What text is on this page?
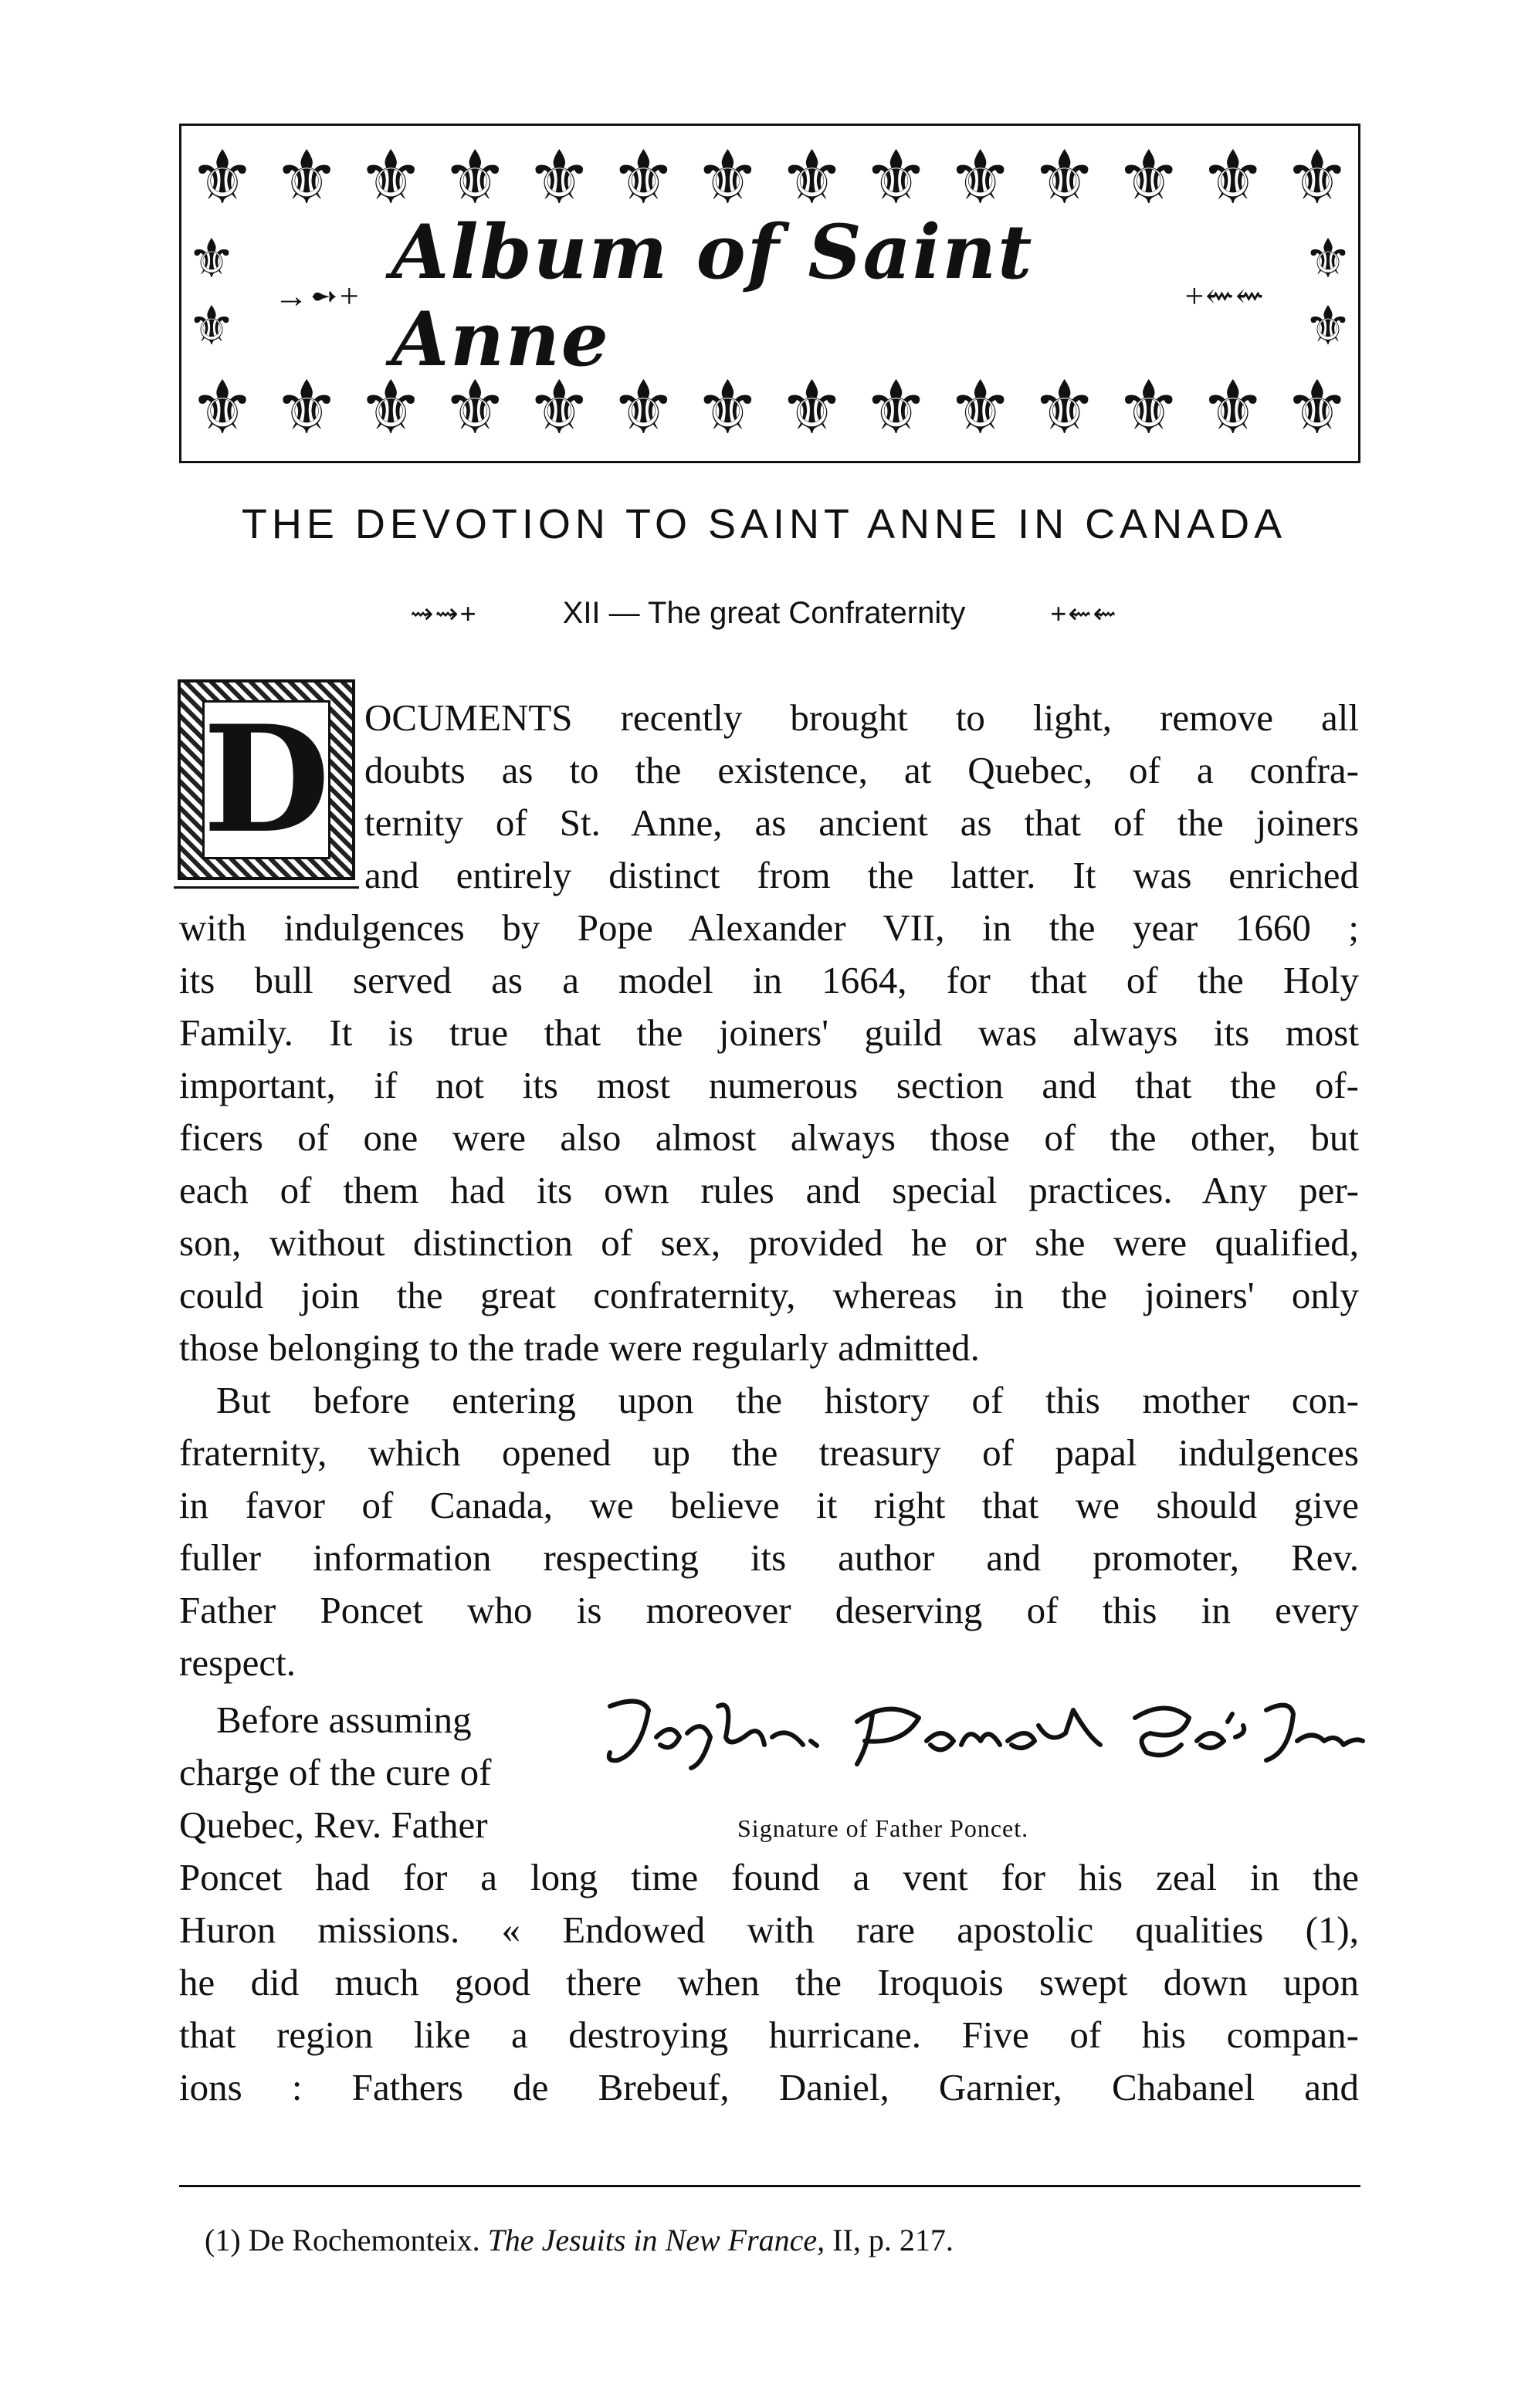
⚜ ⚜ ⚜ ⚜ ⚜ ⚜ ⚜ ⚜ ⚜ ⚜ ⚜ ⚜ ⚜ ⚜
⚜
⚜
⚜
⚜
→➻+ Album of Saint Anne	+⇜⇜
⚜ ⚜ ⚜ ⚜ ⚜ ⚜ ⚜ ⚜ ⚜ ⚜ ⚜ ⚜ ⚜ ⚜
THE DEVOTION TO SAINT ANNE IN CANADA
⇝⇝+	XII — The great Confraternity	+⇜⇜
D OCUMENTS recently brought to light, remove all
doubts as to the existence, at Quebec, of a confra-
ternity of St. Anne, as ancient as that of the joiners
and entirely distinct from the latter. It was enriched
with indulgences by Pope Alexander VII, in the year 1660 ;
its bull served as a model in 1664, for that of the Holy
Family. It is true that the joiners' guild was always its most
important, if not its most numerous section and that the of-
ficers of one were also almost always those of the other, but
each of them had its own rules and special practices. Any per-
son, without distinction of sex, provided he or she were qualified,
could join the great confraternity, whereas in the joiners' only
those belonging to the trade were regularly admitted.
But before entering upon the history of this mother con-
fraternity, which opened up the treasury of papal indulgences
in favor of Canada, we believe it right that we should give
fuller information respecting its author and promoter, Rev.
Father Poncet who is moreover deserving of this in every
respect.
Before assuming
charge of the cure of
Quebec, Rev. Father	Signature of Father Poncet.
Poncet had for a long time found a vent for his zeal in the
Huron missions. « Endowed with rare apostolic qualities (1),
he did much good there when the Iroquois swept down upon
that region like a destroying hurricane. Five of his compan-
ions : Fathers de Brebeuf, Daniel, Garnier, Chabanel and
(1) De Rochemonteix. The Jesuits in New France, II, p. 217.
